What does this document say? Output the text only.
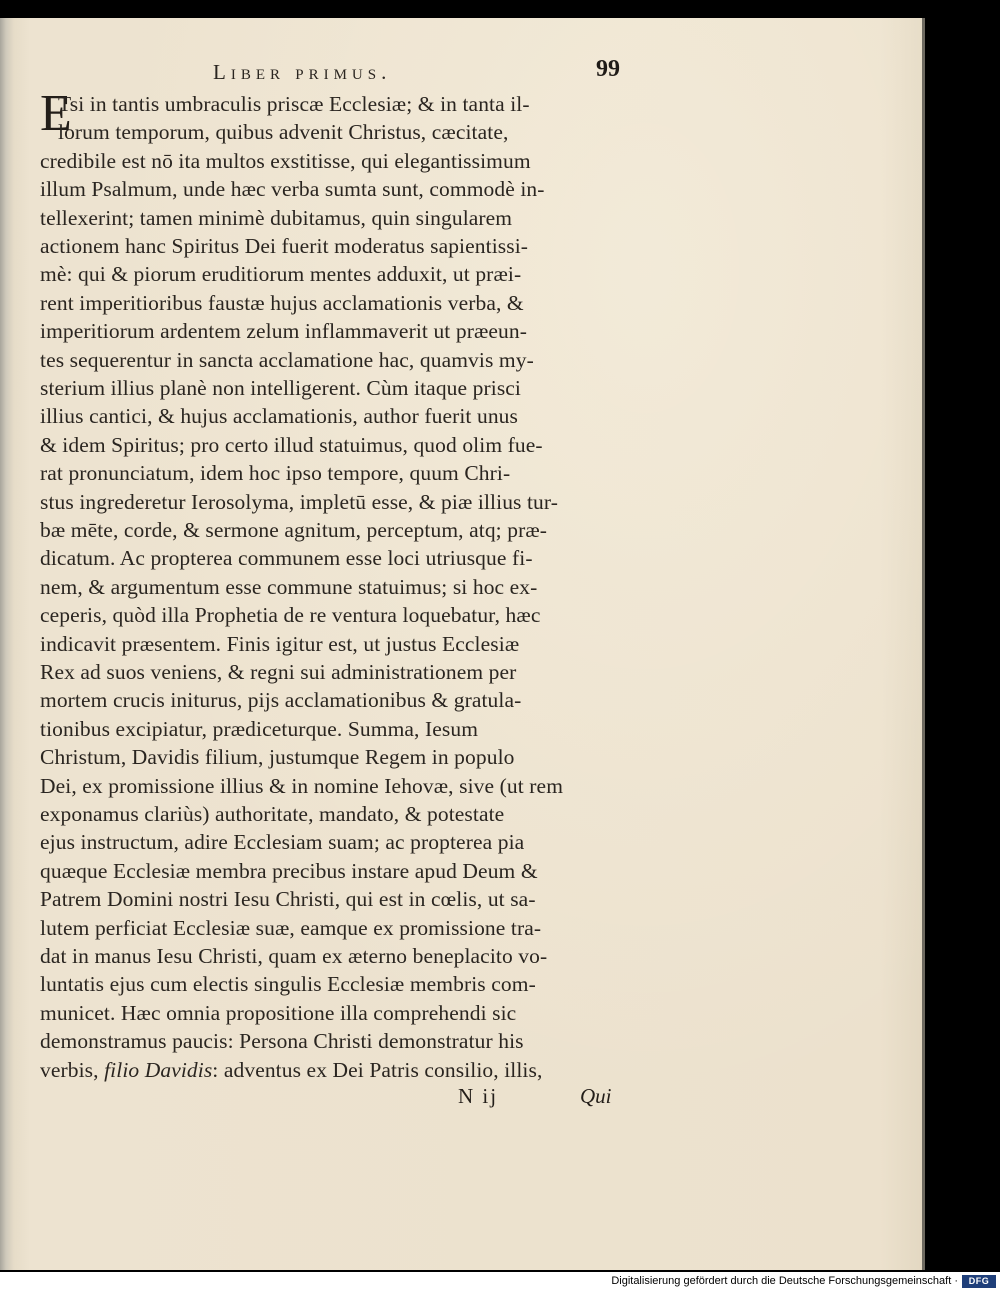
Liber primus.	99
E
Tsi in tantis umbraculis priscæ Ecclesiæ; & in tanta il-
lorum temporum, quibus advenit Christus, cæcitate,
credibile est nō ita multos exstitisse, qui elegantissimum
illum Psalmum, unde hæc verba sumta sunt, commodè in-
tellexerint; tamen minimè dubitamus, quin singularem
actionem hanc Spiritus Dei fuerit moderatus sapientissi-
mè: qui & piorum eruditiorum mentes adduxit, ut præi-
rent imperitioribus faustæ hujus acclamationis verba, &
imperitiorum ardentem zelum inflammaverit ut præeun-
tes sequerentur in sancta acclamatione hac, quamvis my-
sterium illius planè non intelligerent. Cùm itaque prisci
illius cantici, & hujus acclamationis, author fuerit unus
& idem Spiritus; pro certo illud statuimus, quod olim fue-
rat pronunciatum, idem hoc ipso tempore, quum Chri-
stus ingrederetur Ierosolyma, impletū esse, & piæ illius tur-
bæ mēte, corde, & sermone agnitum, perceptum, atq; præ-
dicatum. Ac propterea communem esse loci utriusque fi-
nem, & argumentum esse commune statuimus; si hoc ex-
ceperis, quòd illa Prophetia de re ventura loquebatur, hæc
indicavit præsentem. Finis igitur est, ut justus Ecclesiæ
Rex ad suos veniens, & regni sui administrationem per
mortem crucis initurus, pijs acclamationibus & gratula-
tionibus excipiatur, prædiceturque. Summa, Iesum
Christum, Davidis filium, justumque Regem in populo
Dei, ex promissione illius & in nomine Iehovæ, sive (ut rem
exponamus clariùs) authoritate, mandato, & potestate
ejus instructum, adire Ecclesiam suam; ac propterea pia
quæque Ecclesiæ membra precibus instare apud Deum &
Patrem Domini nostri Iesu Christi, qui est in cœlis, ut sa-
lutem perficiat Ecclesiæ suæ, eamque ex promissione tra-
dat in manus Iesu Christi, quam ex æterno beneplacito vo-
luntatis ejus cum electis singulis Ecclesiæ membris com-
municet. Hæc omnia propositione illa comprehendi sic
demonstramus paucis: Persona Christi demonstratur his
verbis, filio Davidis: adventus ex Dei Patris consilio, illis,
N ij	Qui
Digitalisierung gefördert durch die Deutsche Forschungsgemeinschaft ·	DFG
